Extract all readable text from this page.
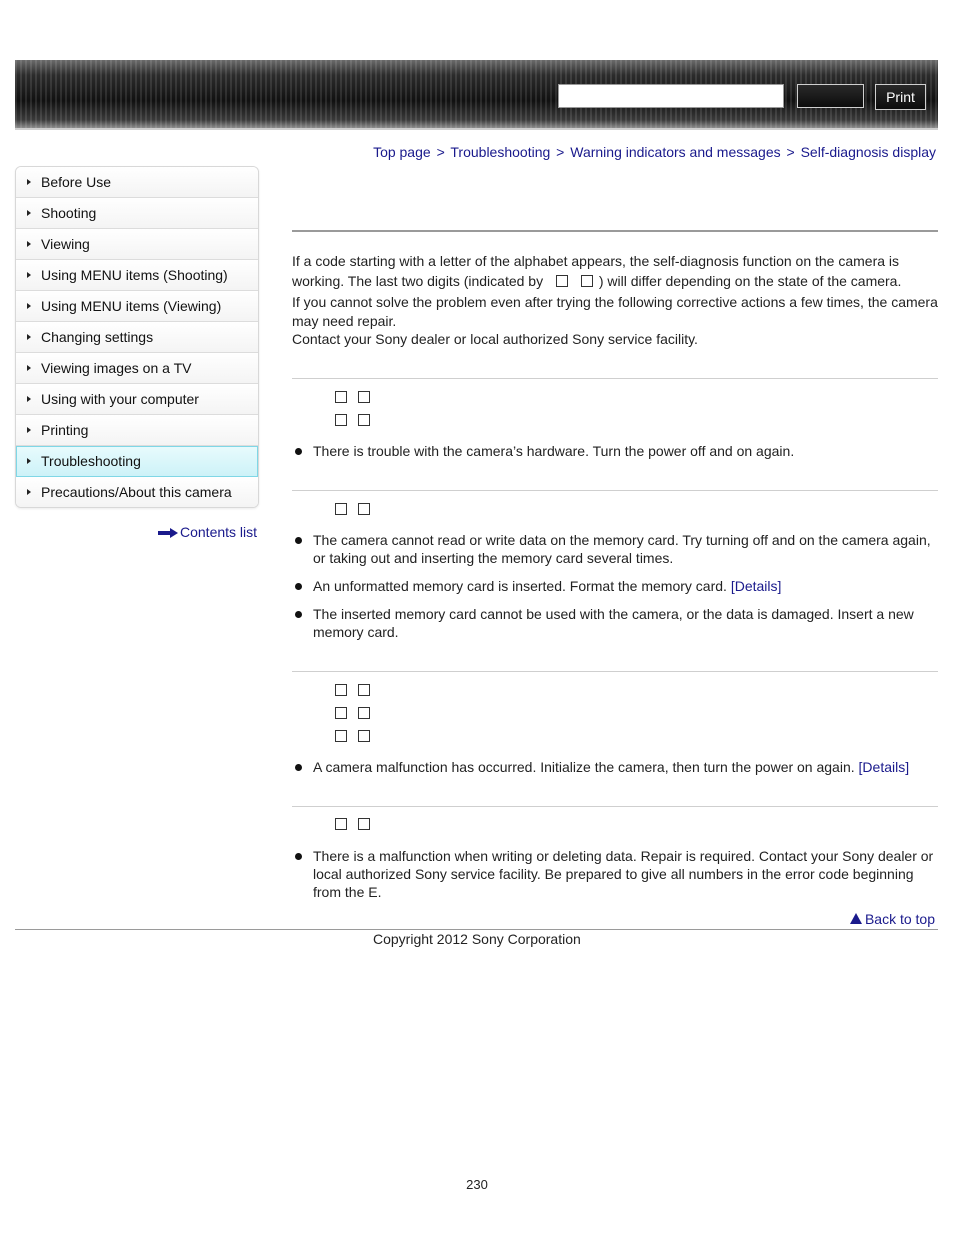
Print
Top page > Troubleshooting > Warning indicators and messages > Self-diagnosis display
Before Use
Shooting
Viewing
Using MENU items (Shooting)
Using MENU items (Viewing)
Changing settings
Viewing images on a TV
Using with your computer
Printing
Troubleshooting
Precautions/About this camera
Contents list
If a code starting with a letter of the alphabet appears, the self-diagnosis function on the camera is
working. The last two digits (indicated by	) will differ depending on the state of the camera.
If you cannot solve the problem even after trying the following corrective actions a few times, the camera may need repair.
Contact your Sony dealer or local authorized Sony service facility.
There is trouble with the camera’s hardware. Turn the power off and on again.
The camera cannot read or write data on the memory card. Try turning off and on the camera again, or taking out and inserting the memory card several times.
An unformatted memory card is inserted. Format the memory card. [Details]
The inserted memory card cannot be used with the camera, or the data is damaged. Insert a new memory card.
A camera malfunction has occurred. Initialize the camera, then turn the power on again. [Details]
There is a malfunction when writing or deleting data. Repair is required. Contact your Sony dealer or local authorized Sony service facility. Be prepared to give all numbers in the error code beginning from the E.
Back to top
Copyright 2012 Sony Corporation
230
